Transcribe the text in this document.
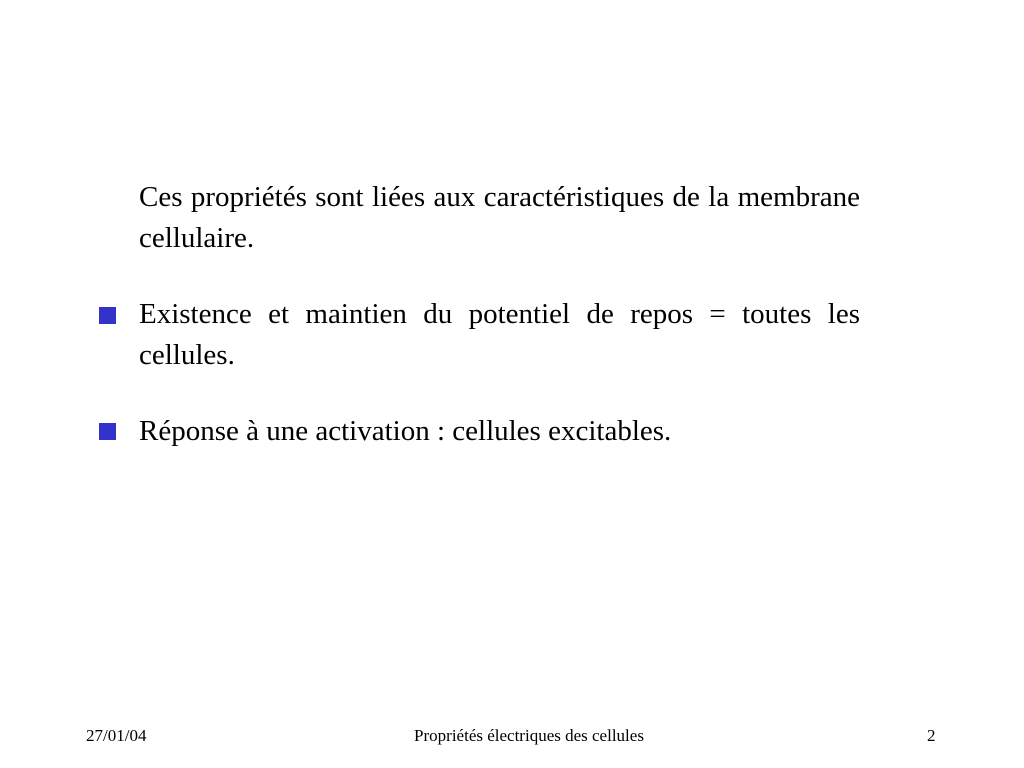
Ces propriétés sont liées aux caractéristiques de la membrane cellulaire.
Existence et maintien du potentiel de repos = toutes les cellules.
Réponse à une activation : cellules excitables.
27/01/04	Propriétés électriques des cellules	2
